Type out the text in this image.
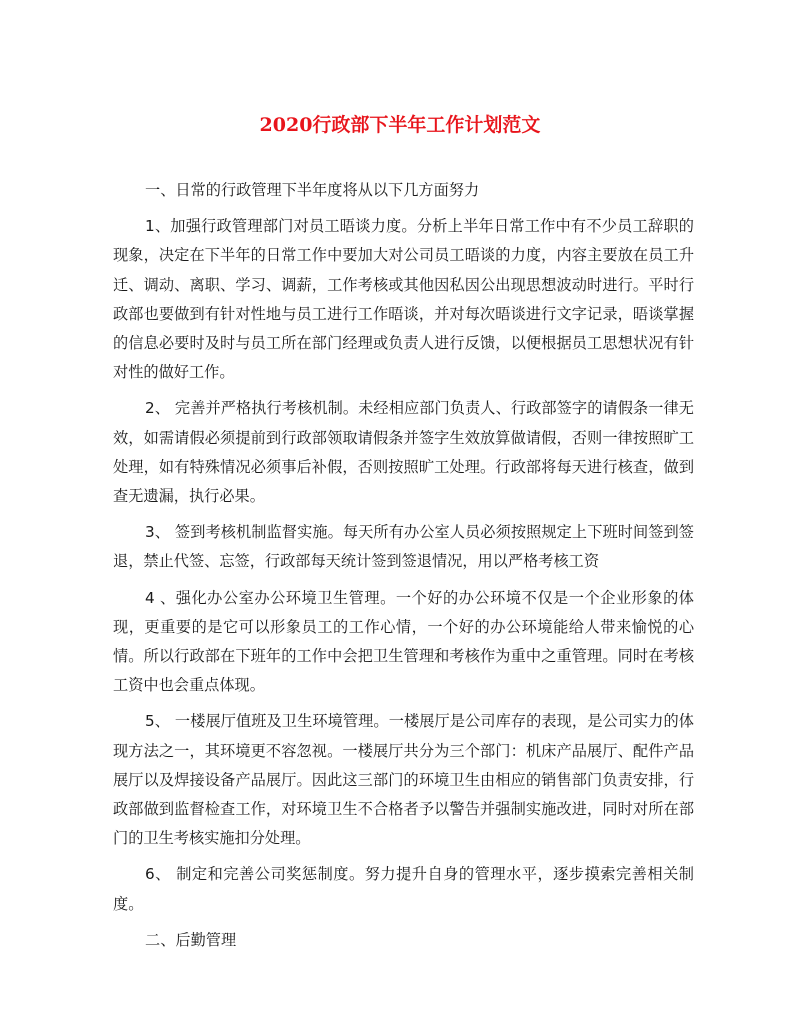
2020行政部下半年工作计划范文

一、日常的行政管理下半年度将从以下几方面努力

1、加强行政管理部门对员工晤谈力度。分析上半年日常工作中有不少员工辞职的现象，决定在下半年的日常工作中要加大对公司员工晤谈的力度，内容主要放在员工升迁、调动、离职、学习、调薪，工作考核或其他因私因公出现思想波动时进行。平时行政部也要做到有针对性地与员工进行工作晤谈，并对每次晤谈进行文字记录，晤谈掌握的信息必要时及时与员工所在部门经理或负责人进行反馈，以便根据员工思想状况有针对性的做好工作。

2、 完善并严格执行考核机制。未经相应部门负责人、行政部签字的请假条一律无效，如需请假必须提前到行政部领取请假条并签字生效放算做请假，否则一律按照旷工处理，如有特殊情况必须事后补假，否则按照旷工处理。行政部将每天进行核查，做到查无遗漏，执行必果。

3、 签到考核机制监督实施。每天所有办公室人员必须按照规定上下班时间签到签退，禁止代签、忘签，行政部每天统计签到签退情况，用以严格考核工资

4 、强化办公室办公环境卫生管理。一个好的办公环境不仅是一个企业形象的体现，更重要的是它可以形象员工的工作心情，一个好的办公环境能给人带来愉悦的心情。所以行政部在下班年的工作中会把卫生管理和考核作为重中之重管理。同时在考核工资中也会重点体现。

5、 一楼展厅值班及卫生环境管理。一楼展厅是公司库存的表现，是公司实力的体现方法之一，其环境更不容忽视。一楼展厅共分为三个部门：机床产品展厅、配件产品展厅以及焊接设备产品展厅。因此这三部门的环境卫生由相应的销售部门负责安排，行政部做到监督检查工作，对环境卫生不合格者予以警告并强制实施改进，同时对所在部门的卫生考核实施扣分处理。

6、 制定和完善公司奖惩制度。努力提升自身的管理水平，逐步摸索完善相关制度。

二、后勤管理
